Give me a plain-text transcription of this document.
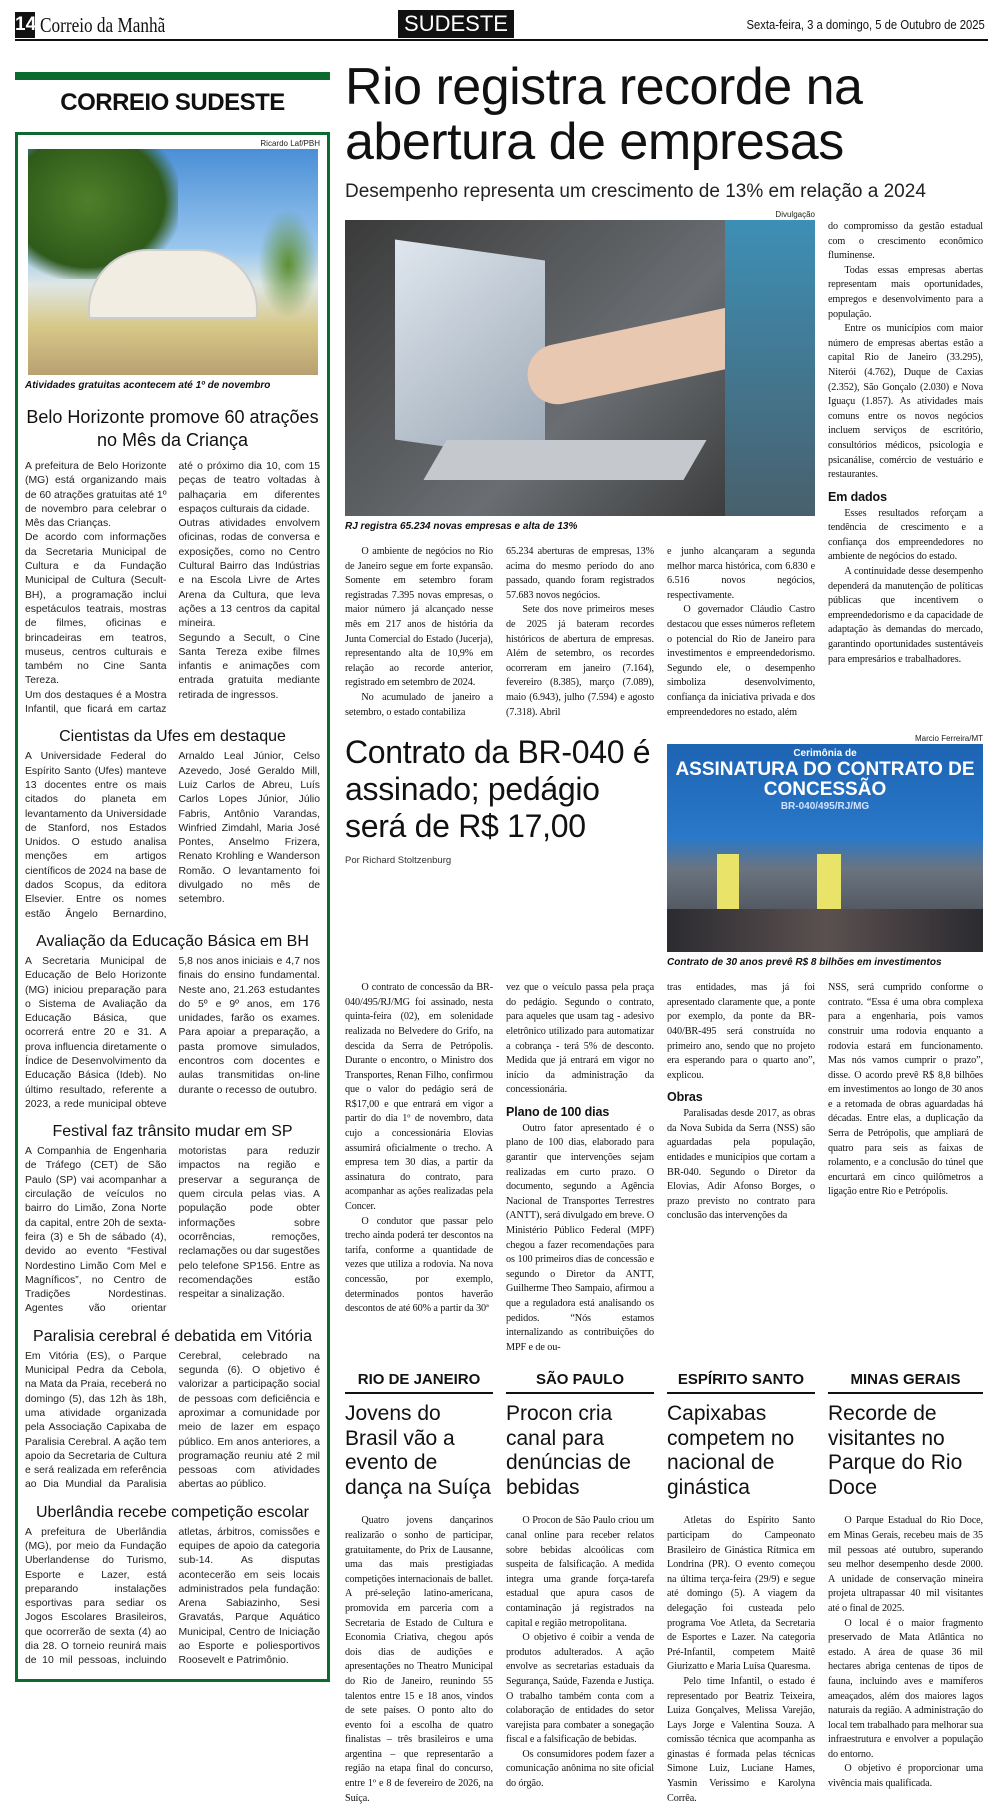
14 Correio da Manhã	SUDESTE	Sexta-feira, 3 a domingo, 5 de Outubro de 2025
CORREIO SUDESTE
Ricardo Laf/PBH
Atividades gratuitas acontecem até 1º de novembro
Belo Horizonte promove 60 atrações no Mês da Criança

A prefeitura de Belo Horizonte (MG) está organizando mais de 60 atrações gratuitas até 1º de novembro para celebrar o Mês das Crianças.

De acordo com informações da Secretaria Municipal de Cultura e da Fundação Municipal de Cultura (Secult-BH), a programação inclui espetáculos teatrais, mostras de filmes, oficinas e brincadeiras em teatros, museus, centros culturais e também no Cine Santa Tereza.

Um dos destaques é a Mostra Infantil, que ficará em cartaz até o próximo dia 10, com 15 peças de teatro voltadas à palhaçaria em diferentes espaços culturais da cidade.

Outras atividades envolvem oficinas, rodas de conversa e exposições, como no Centro Cultural Bairro das Indústrias e na Escola Livre de Artes Arena da Cultura, que leva ações a 13 centros da capital mineira.

Segundo a Secult, o Cine Santa Tereza exibe filmes infantis e animações com entrada gratuita mediante retirada de ingressos.

Cientistas da Ufes em destaque

A Universidade Federal do Espírito Santo (Ufes) manteve 13 docentes entre os mais citados do planeta em levantamento da Universidade de Stanford, nos Estados Unidos. O estudo analisa menções em artigos científicos de 2024 na base de dados Scopus, da editora Elsevier. Entre os nomes estão Ângelo Bernardino, Arnaldo Leal Júnior, Celso Azevedo, José Geraldo Mill, Luiz Carlos de Abreu, Luís Carlos Lopes Júnior, Júlio Fabris, Antônio Varandas, Winfried Zimdahl, Maria José Pontes, Anselmo Frizera, Renato Krohling e Wanderson Romão. O levantamento foi divulgado no mês de setembro.

Avaliação da Educação Básica em BH

A Secretaria Municipal de Educação de Belo Horizonte (MG) iniciou preparação para o Sistema de Avaliação da Educação Básica, que ocorrerá entre 20 e 31. A prova influencia diretamente o Índice de Desenvolvimento da Educação Básica (Ideb). No último resultado, referente a 2023, a rede municipal obteve 5,8 nos anos iniciais e 4,7 nos finais do ensino fundamental. Neste ano, 21.263 estudantes do 5º e 9º anos, em 176 unidades, farão os exames. Para apoiar a preparação, a pasta promove simulados, encontros com docentes e aulas transmitidas on-line durante o recesso de outubro.

Festival faz trânsito mudar em SP

A Companhia de Engenharia de Tráfego (CET) de São Paulo (SP) vai acompanhar a circulação de veículos no bairro do Limão, Zona Norte da capital, entre 20h de sexta-feira (3) e 5h de sábado (4), devido ao evento “Festival Nordestino Limão Com Mel e Magníficos”, no Centro de Tradições Nordestinas. Agentes vão orientar motoristas para reduzir impactos na região e preservar a segurança de quem circula pelas vias. A população pode obter informações sobre ocorrências, remoções, reclamações ou dar sugestões pelo telefone SP156. Entre as recomendações estão respeitar a sinalização.

Paralisia cerebral é debatida em Vitória

Em Vitória (ES), o Parque Municipal Pedra da Cebola, na Mata da Praia, receberá no domingo (5), das 12h às 18h, uma atividade organizada pela Associação Capixaba de Paralisia Cerebral. A ação tem apoio da Secretaria de Cultura e será realizada em referência ao Dia Mundial da Paralisia Cerebral, celebrado na segunda (6). O objetivo é valorizar a participação social de pessoas com deficiência e aproximar a comunidade por meio de lazer em espaço público. Em anos anteriores, a programação reuniu até 2 mil pessoas com atividades abertas ao público.

Uberlândia recebe competição escolar

A prefeitura de Uberlândia (MG), por meio da Fundação Uberlandense do Turismo, Esporte e Lazer, está preparando instalações esportivas para sediar os Jogos Escolares Brasileiros, que ocorrerão de sexta (4) ao dia 28. O torneio reunirá mais de 10 mil pessoas, incluindo atletas, árbitros, comissões e equipes de apoio da categoria sub-14. As disputas acontecerão em seis locais administrados pela fundação: Arena Sabiazinho, Sesi Gravatás, Parque Aquático Municipal, Centro de Iniciação ao Esporte e poliesportivos Roosevelt e Patrimônio.

Rio registra recorde na abertura de empresas
Desempenho representa um crescimento de 13% em relação a 2024
Divulgação
RJ registra 65.234 novas empresas e alta de 13%

do compromisso da gestão estadual com o crescimento econômico fluminense.

Todas essas empresas abertas representam mais oportunidades, empregos e desenvolvimento para a população.

Entre os municípios com maior número de empresas abertas estão a capital Rio de Janeiro (33.295), Niterói (4.762), Duque de Caxias (2.352), São Gonçalo (2.030) e Nova Iguaçu (1.857). As atividades mais comuns entre os novos negócios incluem serviços de escritório, consultórios médicos, psicologia e psicanálise, comércio de vestuário e restaurantes.

Em dados

Esses resultados reforçam a tendência de crescimento e a confiança dos empreendedores no ambiente de negócios do estado.

A continuidade desse desempenho dependerá da manutenção de políticas públicas que incentivem o empreendedorismo e da capacidade de adaptação às demandas do mercado, garantindo oportunidades sustentáveis para empresários e trabalhadores.

O ambiente de negócios no Rio de Janeiro segue em forte expansão. Somente em setembro foram registradas 7.395 novas empresas, o maior número já alcançado nesse mês em 217 anos de história da Junta Comercial do Estado (Jucerja), representando alta de 10,9% em relação ao recorde anterior, registrado em setembro de 2024.

No acumulado de janeiro a setembro, o estado contabiliza

65.234 aberturas de empresas, 13% acima do mesmo período do ano passado, quando foram registrados 57.683 novos negócios.

Sete dos nove primeiros meses de 2025 já bateram recordes históricos de abertura de empresas. Além de setembro, os recordes ocorreram em janeiro (7.164), fevereiro (8.385), março (7.089), maio (6.943), julho (7.594) e agosto (7.318). Abril

e junho alcançaram a segunda melhor marca histórica, com 6.830 e 6.516 novos negócios, respectivamente.

O governador Cláudio Castro destacou que esses números refletem o potencial do Rio de Janeiro para investimentos e empreendedorismo. Segundo ele, o desempenho simboliza desenvolvimento, confiança da iniciativa privada e dos empreendedores no estado, além

Contrato da BR-040 é assinado; pedágio será de R$ 17,00
Por Richard Stoltzenburg
Marcio Ferreira/MT
Cerimônia de
ASSINATURA DO CONTRATO DE CONCESSÃO
BR-040/495/RJ/MG
Contrato de 30 anos prevê R$ 8 bilhões em investimentos

O contrato de concessão da BR-040/495/RJ/MG foi assinado, nesta quinta-feira (02), em solenidade realizada no Belvedere do Grifo, na descida da Serra de Petrópolis. Durante o encontro, o Ministro dos Transportes, Renan Filho, confirmou que o valor do pedágio será de R$17,00 e que entrará em vigor a partir do dia 1º de novembro, data cujo a concessionária Elovias assumirá oficialmente o trecho. A empresa tem 30 dias, a partir da assinatura do contrato, para acompanhar as ações realizadas pela Concer.

O condutor que passar pelo trecho ainda poderá ter descontos na tarifa, conforme a quantidade de vezes que utiliza a rodovia. Na nova concessão, por exemplo, determinados pontos haverão descontos de até 60% a partir da 30ª

vez que o veículo passa pela praça do pedágio. Segundo o contrato, para aqueles que usam tag - adesivo eletrônico utilizado para automatizar a cobrança - terá 5% de desconto. Medida que já entrará em vigor no início da administração da concessionária.

Plano de 100 dias

Outro fator apresentado é o plano de 100 dias, elaborado para garantir que intervenções sejam realizadas em curto prazo. O documento, segundo a Agência Nacional de Transportes Terrestres (ANTT), será divulgado em breve. O Ministério Público Federal (MPF) chegou a fazer recomendações para os 100 primeiros dias de concessão e segundo o Diretor da ANTT, Guilherme Theo Sampaio, afirmou a que a reguladora está analisando os pedidos. “Nós estamos internalizando as contribuições do MPF e de ou-

tras entidades, mas já foi apresentado claramente que, a ponte por exemplo, da ponte da BR-040/BR-495 será construída no primeiro ano, sendo que no projeto era esperando para o quarto ano”, explicou.

Obras

Paralisadas desde 2017, as obras da Nova Subida da Serra (NSS) são aguardadas pela população, entidades e municípios que cortam a BR-040. Segundo o Diretor da Elovias, Adir Afonso Borges, o prazo previsto no contrato para conclusão das intervenções da

NSS, será cumprido conforme o contrato. “Essa é uma obra complexa para a engenharia, pois vamos construir uma rodovia enquanto a rodovia estará em funcionamento. Mas nós vamos cumprir o prazo”, disse. O acordo prevê R$ 8,8 bilhões em investimentos ao longo de 30 anos e a retomada de obras aguardadas há décadas. Entre elas, a duplicação da Serra de Petrópolis, que ampliará de quatro para seis as faixas de rolamento, e a conclusão do túnel que encurtará em cinco quilômetros a ligação entre Rio e Petrópolis.

RIO DE JANEIRO	SÃO PAULO	ESPÍRITO SANTO	MINAS GERAIS
Jovens do Brasil vão a evento de dança na Suíça
Procon cria canal para denúncias de bebidas
Capixabas competem no nacional de ginástica
Recorde de visitantes no Parque do Rio Doce

Quatro jovens dançarinos realizarão o sonho de participar, gratuitamente, do Prix de Lausanne, uma das mais prestigiadas competições internacionais de ballet. A pré-seleção latino-americana, promovida em parceria com a Secretaria de Estado de Cultura e Economia Criativa, chegou após dois dias de audições e apresentações no Theatro Municipal do Rio de Janeiro, reunindo 55 talentos entre 15 e 18 anos, vindos de sete países. O ponto alto do evento foi a escolha de quatro finalistas – três brasileiros e uma argentina – que representarão a região na etapa final do concurso, entre 1º e 8 de fevereiro de 2026, na Suíça.

O Procon de São Paulo criou um canal online para receber relatos sobre bebidas alcoólicas com suspeita de falsificação. A medida integra uma grande força-tarefa estadual que apura casos de contaminação já registrados na capital e região metropolitana.

O objetivo é coibir a venda de produtos adulterados. A ação envolve as secretarias estaduais da Segurança, Saúde, Fazenda e Justiça. O trabalho também conta com a colaboração de entidades do setor varejista para combater a sonegação fiscal e a falsificação de bebidas.

Os consumidores podem fazer a comunicação anônima no site oficial do órgão.

Atletas do Espírito Santo participam do Campeonato Brasileiro de Ginástica Rítmica em Londrina (PR). O evento começou na última terça-feira (29/9) e segue até domingo (5). A viagem da delegação foi custeada pelo programa Voe Atleta, da Secretaria de Esportes e Lazer. Na categoria Pré-Infantil, competem Maitê Giurizatto e Maria Luísa Quaresma.

Pelo time Infantil, o estado é representado por Beatriz Teixeira, Luiza Gonçalves, Melissa Varejão, Lays Jorge e Valentina Souza. A comissão técnica que acompanha as ginastas é formada pelas técnicas Simone Luiz, Luciane Hames, Yasmin Veríssimo e Karolyna Corrêa.

O Parque Estadual do Rio Doce, em Minas Gerais, recebeu mais de 35 mil pessoas até outubro, superando seu melhor desempenho desde 2000. A unidade de conservação mineira projeta ultrapassar 40 mil visitantes até o final de 2025.

O local é o maior fragmento preservado de Mata Atlântica no estado. A área de quase 36 mil hectares abriga centenas de tipos de fauna, incluindo aves e mamíferos ameaçados, além dos maiores lagos naturais da região. A administração do local tem trabalhado para melhorar sua infraestrutura e envolver a população do entorno.

O objetivo é proporcionar uma vivência mais qualificada.
